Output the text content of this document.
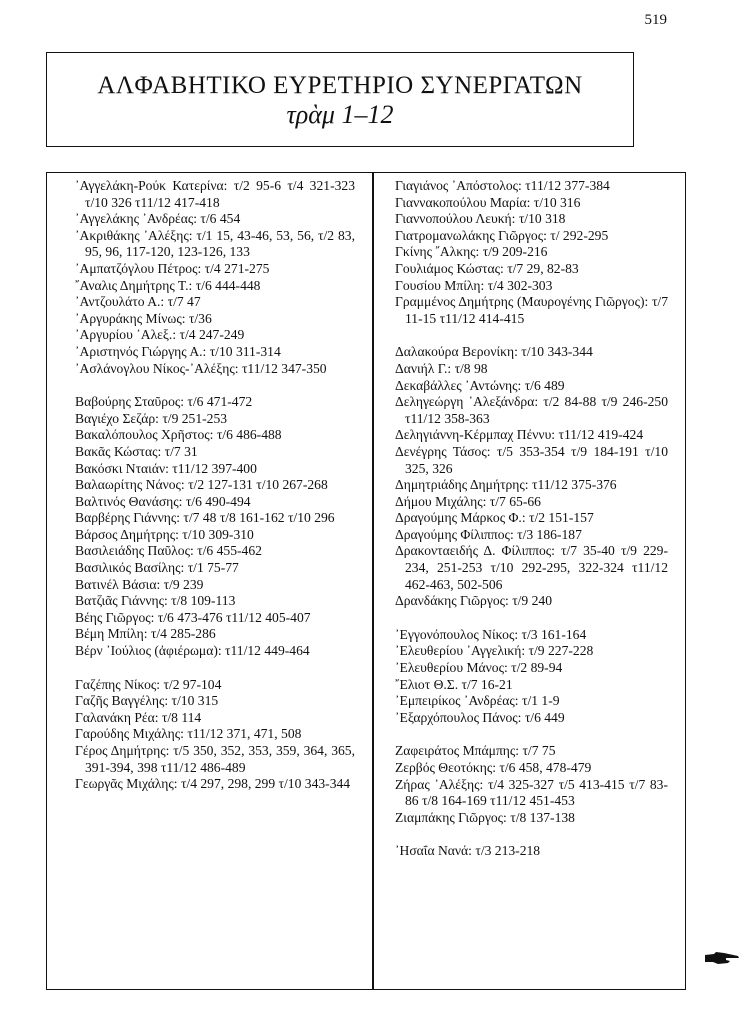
519
ΑΛΦΑΒΗΤΙΚΟ ΕΥΡΕΤΗΡΙΟ ΣΥΝΕΡΓΑΤΩΝ
τρὰμ 1–12

᾽Αγγελάκη-Ρούκ Κατερίνα: τ/2 95-6 τ/4 321-323 τ/10 326 τ11/12 417-418

᾽Αγγελάκης ᾽Ανδρέας: τ/6 454

᾽Ακριθάκης ᾽Αλέξης: τ/1 15, 43-46, 53, 56, τ/2 83, 95, 96, 117-120, 123-126, 133

᾽Αμπατζόγλου Πέτρος: τ/4 271-275

῎Αναλις Δημήτρης Τ.: τ/6 444-448

᾽Αντζουλάτο Α.: τ/7 47

᾽Αργυράκης Μίνως: τ/36

᾽Αργυρίου ᾽Αλεξ.: τ/4 247-249

᾽Αριστηνός Γιώργης Α.: τ/10 311-314

᾽Ασλάνογλου Νίκος-᾽Αλέξης: τ11/12 347-350

Βαβούρης Σταῦρος: τ/6 471-472

Βαγιέχο Σεζάρ: τ/9 251-253

Βακαλόπουλος Χρῆστος: τ/6 486-488

Βακᾶς Κώστας: τ/7 31

Βακόσκι Νταιάν: τ11/12 397-400

Βαλαωρίτης Νάνος: τ/2 127-131 τ/10 267-268

Βαλτινός Θανάσης: τ/6 490-494

Βαρβέρης Γιάννης: τ/7 48 τ/8 161-162 τ/10 296

Βάρσος Δημήτρης: τ/10 309-310

Βασιλειάδης Παῦλος: τ/6 455-462

Βασιλικός Βασίλης: τ/1 75-77

Βατινέλ Βάσια: τ/9 239

Βατζιᾶς Γιάννης: τ/8 109-113

Βέης Γιῶργος: τ/6 473-476 τ11/12 405-407

Βέμη Μπίλη: τ/4 285-286

Βέρν ᾽Ιούλιος (ἀφιέρωμα): τ11/12 449-464

Γαζέπης Νίκος: τ/2 97-104

Γαζῆς Βαγγέλης: τ/10 315

Γαλανάκη Ρέα: τ/8 114

Γαρούδης Μιχάλης: τ11/12 371, 471, 508

Γέρος Δημήτρης: τ/5 350, 352, 353, 359, 364, 365, 391-394, 398 τ11/12 486-489

Γεωργᾶς Μιχάλης: τ/4 297, 298, 299 τ/10 343-344

Γιαγιάνος ᾽Απόστολος: τ11/12 377-384

Γιαννακοπούλου Μαρία: τ/10 316

Γιαννοπούλου Λευκή: τ/10 318

Γιατρομανωλάκης Γιῶργος: τ/ 292-295

Γκίνης ῎Αλκης: τ/9 209-216

Γουλιάμος Κώστας: τ/7 29, 82-83

Γουσίου Μπίλη: τ/4 302-303

Γραμμένος Δημήτρης (Μαυρογένης Γιῶργος): τ/7 11-15 τ11/12 414-415

Δαλακούρα Βερονίκη: τ/10 343-344

Δανιήλ Γ.: τ/8 98

Δεκαβάλλες ᾽Αντώνης: τ/6 489

Δεληγεώργη ᾽Αλεξάνδρα: τ/2 84-88 τ/9 246-250 τ11/12 358-363

Δεληγιάννη-Κέρμπαχ Πέννυ: τ11/12 419-424

Δενέγρης Τάσος: τ/5 353-354 τ/9 184-191 τ/10 325, 326

Δημητριάδης Δημήτρης: τ11/12 375-376

Δήμου Μιχάλης: τ/7 65-66

Δραγούμης Μάρκος Φ.: τ/2 151-157

Δραγούμης Φίλιππος: τ/3 186-187

Δρακονταειδής Δ. Φίλιππος: τ/7 35-40 τ/9 229-234, 251-253 τ/10 292-295, 322-324 τ11/12 462-463, 502-506

Δρανδάκης Γιῶργος: τ/9 240

᾽Εγγονόπουλος Νίκος: τ/3 161-164

᾽Ελευθερίου ᾽Αγγελική: τ/9 227-228

᾽Ελευθερίου Μάνος: τ/2 89-94

῎Ελιοτ Θ.Σ. τ/7 16-21

᾽Εμπειρίκος ᾽Ανδρέας: τ/1 1-9

᾽Εξαρχόπουλος Πάνος: τ/6 449

Ζαφειράτος Μπάμπης: τ/7 75

Ζερβός Θεοτόκης: τ/6 458, 478-479

Ζήρας ᾽Αλέξης: τ/4 325-327 τ/5 413-415 τ/7 83-86 τ/8 164-169 τ11/12 451-453

Ζιαμπάκης Γιῶργος: τ/8 137-138

᾽Ησαΐα Νανά: τ/3 213-218
